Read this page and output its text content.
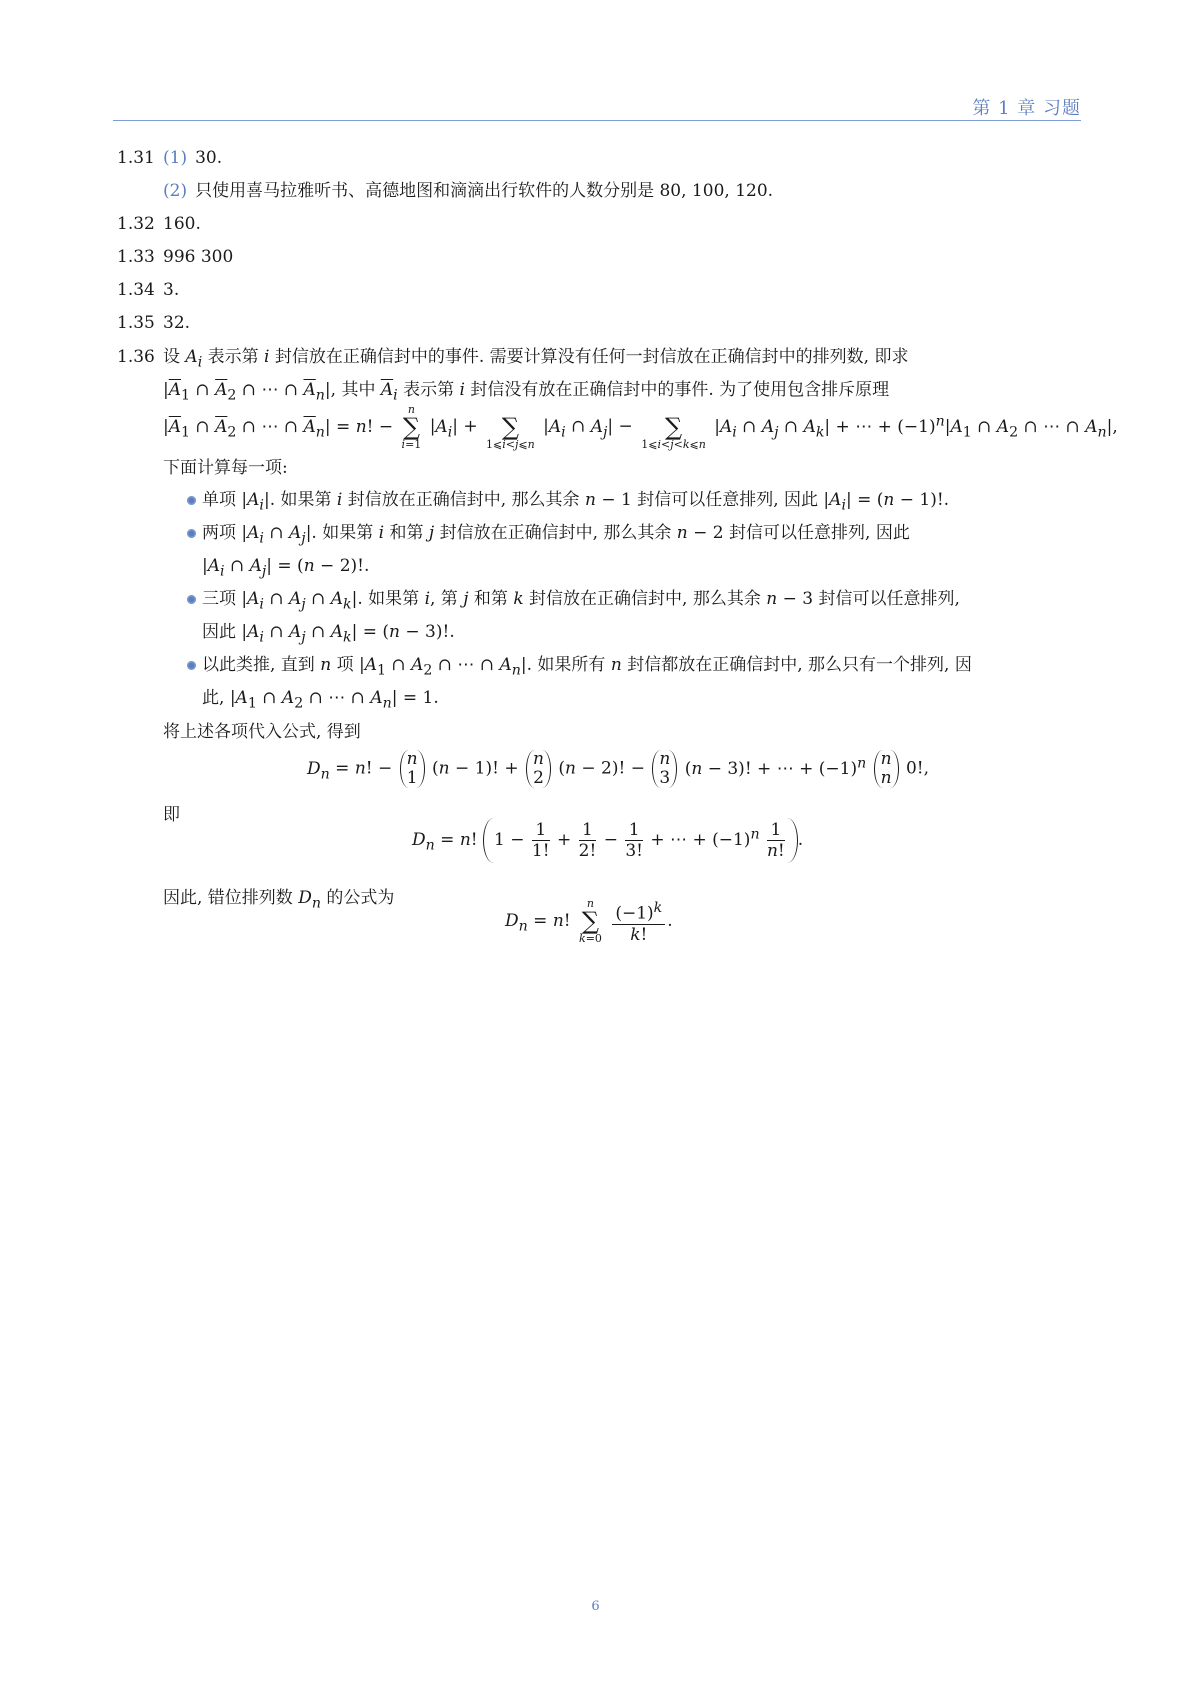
第 1 章 习题
1.31 (1) 30.
(2) 只使用喜马拉雅听书、高德地图和滴滴出行软件的人数分别是 80, 100, 120.
1.32 160.
1.33 996 300
1.34 3.
1.35 32.
1.36 设 $A_i$ 表示第 i 封信放在正确信封中的事件. 需要计算没有任何一封信放在正确信封中的排列数, 即求
$|\overline{A}_1$ ∩ $\overline{A}_2$ ∩ ⋯ ∩ $\overline{A}_n|$, 其中 $\overline{A}_i$ 表示第 i 封信没有放在正确信封中的事件. 为了使用包含排斥原理
$|\overline{A}_1$ ∩ $\overline{A}_2$ ∩ ⋯ ∩ $\overline{A}_n| = n$! −
n
∑
i=1
$|A_i|$ +
	∑
1⩽i<j⩽n
$|A_i$ ∩ $A_j|$ −
	∑
1⩽i<j<k⩽n
$|A_i$ ∩ $A_j$ ∩ $A_k|$ + ⋯ + $(-1)^n|A_1$ ∩ $A_2$ ∩ ⋯ ∩ $A_n|$,
下面计算每一项:
单项 $|A_i|$. 如果第 i 封信放在正确信封中, 那么其余 n − 1 封信可以任意排列, 因此 $|A_i| = (n - 1)$!.
两项 $|A_i$ ∩ $A_j|$. 如果第 i 和第 j 封信放在正确信封中, 那么其余 n − 2 封信可以任意排列, 因此
$|A_i$ ∩ $A_j| = (n - 2)$!.
三项 $|A_i$ ∩ $A_j$ ∩ $A_k|$. 如果第 i, 第 j 和第 k 封信放在正确信封中, 那么其余 n − 3 封信可以任意排列,
因此 $|A_i$ ∩ $A_j$ ∩ $A_k| = (n - 3)$!.
以此类推, 直到 n 项 $|A_1$ ∩ $A_2$ ∩ ⋯ ∩ $A_n|$. 如果所有 n 封信都放在正确信封中, 那么只有一个排列, 因
此, $|A_1$ ∩ $A_2$ ∩ ⋯ ∩ $A_n| = 1$.
将上述各项代入公式, 得到
$D_n = n$! − n
1 (n − 1)! + n
2 (n − 2)! − n
3 (n − 3)! + ⋯ + $(-1)^n$ n
n 0!,
即
$D_n = n$! $1 - \frac{1}{1!} + \frac{1}{2!} - \frac{1}{3!}$ + ⋯ + $(-1)^n \frac{1}{n!}$ .
因此, 错位排列数 $D_n$ 的公式为
$D_n = n$!
n
∑
k=0
$\frac{(-1)^k}{k!}$ .
6
